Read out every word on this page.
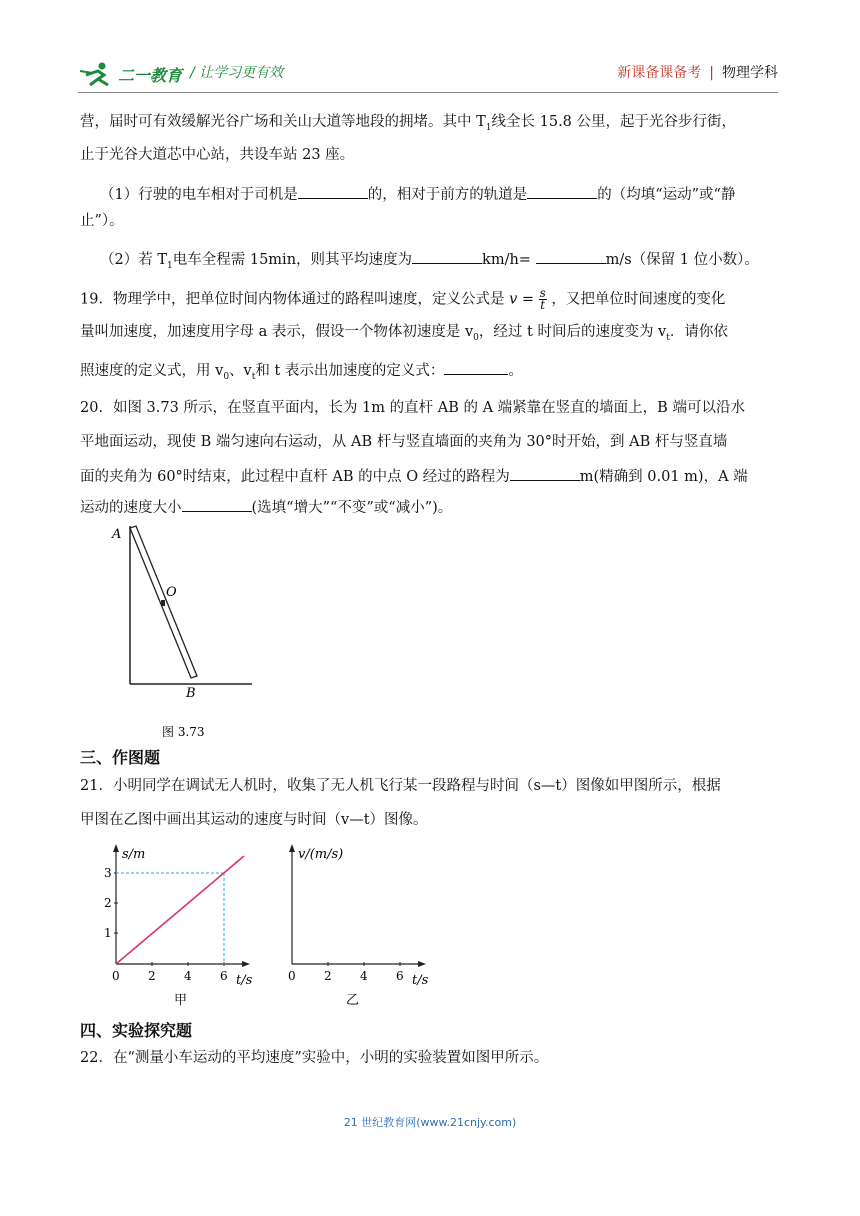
二一教育 / 让学习更有效	新课备课备考 | 物理学科
营，届时可有效缓解光谷广场和关山大道等地段的拥堵。其中 $T_1$线全长 15.8 公里，起于光谷步行街，
止于光谷大道芯中心站，共设车站 23 座。
（1）行驶的电车相对于司机是	的，相对于前方的轨道是	的（均填“运动”或“静
止”）。
（2）若 $T_1$电车全程需 15min，则其平均速度为	km/h=	m/s（保留 1 位小数）。
19．物理学中，把单位时间内物体通过的路程叫速度，定义公式是 $v = \frac{s}{t}$ ，又把单位时间速度的变化
量叫加速度，加速度用字母 a 表示，假设一个物体初速度是 $v_0$，经过 t 时间后的速度变为 $v_t$．请你依
照速度的定义式，用 $v_0$、$v_t$和 t 表示出加速度的定义式：	。
20．如图 3.73 所示，在竖直平面内，长为 1m 的直杆 AB 的 A 端紧靠在竖直的墙面上，B 端可以沿水
平地面运动，现使 B 端匀速向右运动，从 AB 杆与竖直墙面的夹角为 30°时开始，到 AB 杆与竖直墙
面的夹角为 60°时结束，此过程中直杆 AB 的中点 O 经过的路程为	m(精确到 0.01 m)，A 端
运动的速度大小	(选填“增大”“不变”或“减小”)。
A
O
B
图 3.73
三、作图题
21．小明同学在调试无人机时，收集了无人机飞行某一段路程与时间（s—t）图像如甲图所示，根据
甲图在乙图中画出其运动的速度与时间（v—t）图像。
s/m
1
2
3
0 2 4 6 t/s
甲
v/(m/s)
0 2 4 6 t/s
乙
四、实验探究题
22．在“测量小车运动的平均速度”实验中，小明的实验装置如图甲所示。
21 世纪教育网(www.21cnjy.com)
